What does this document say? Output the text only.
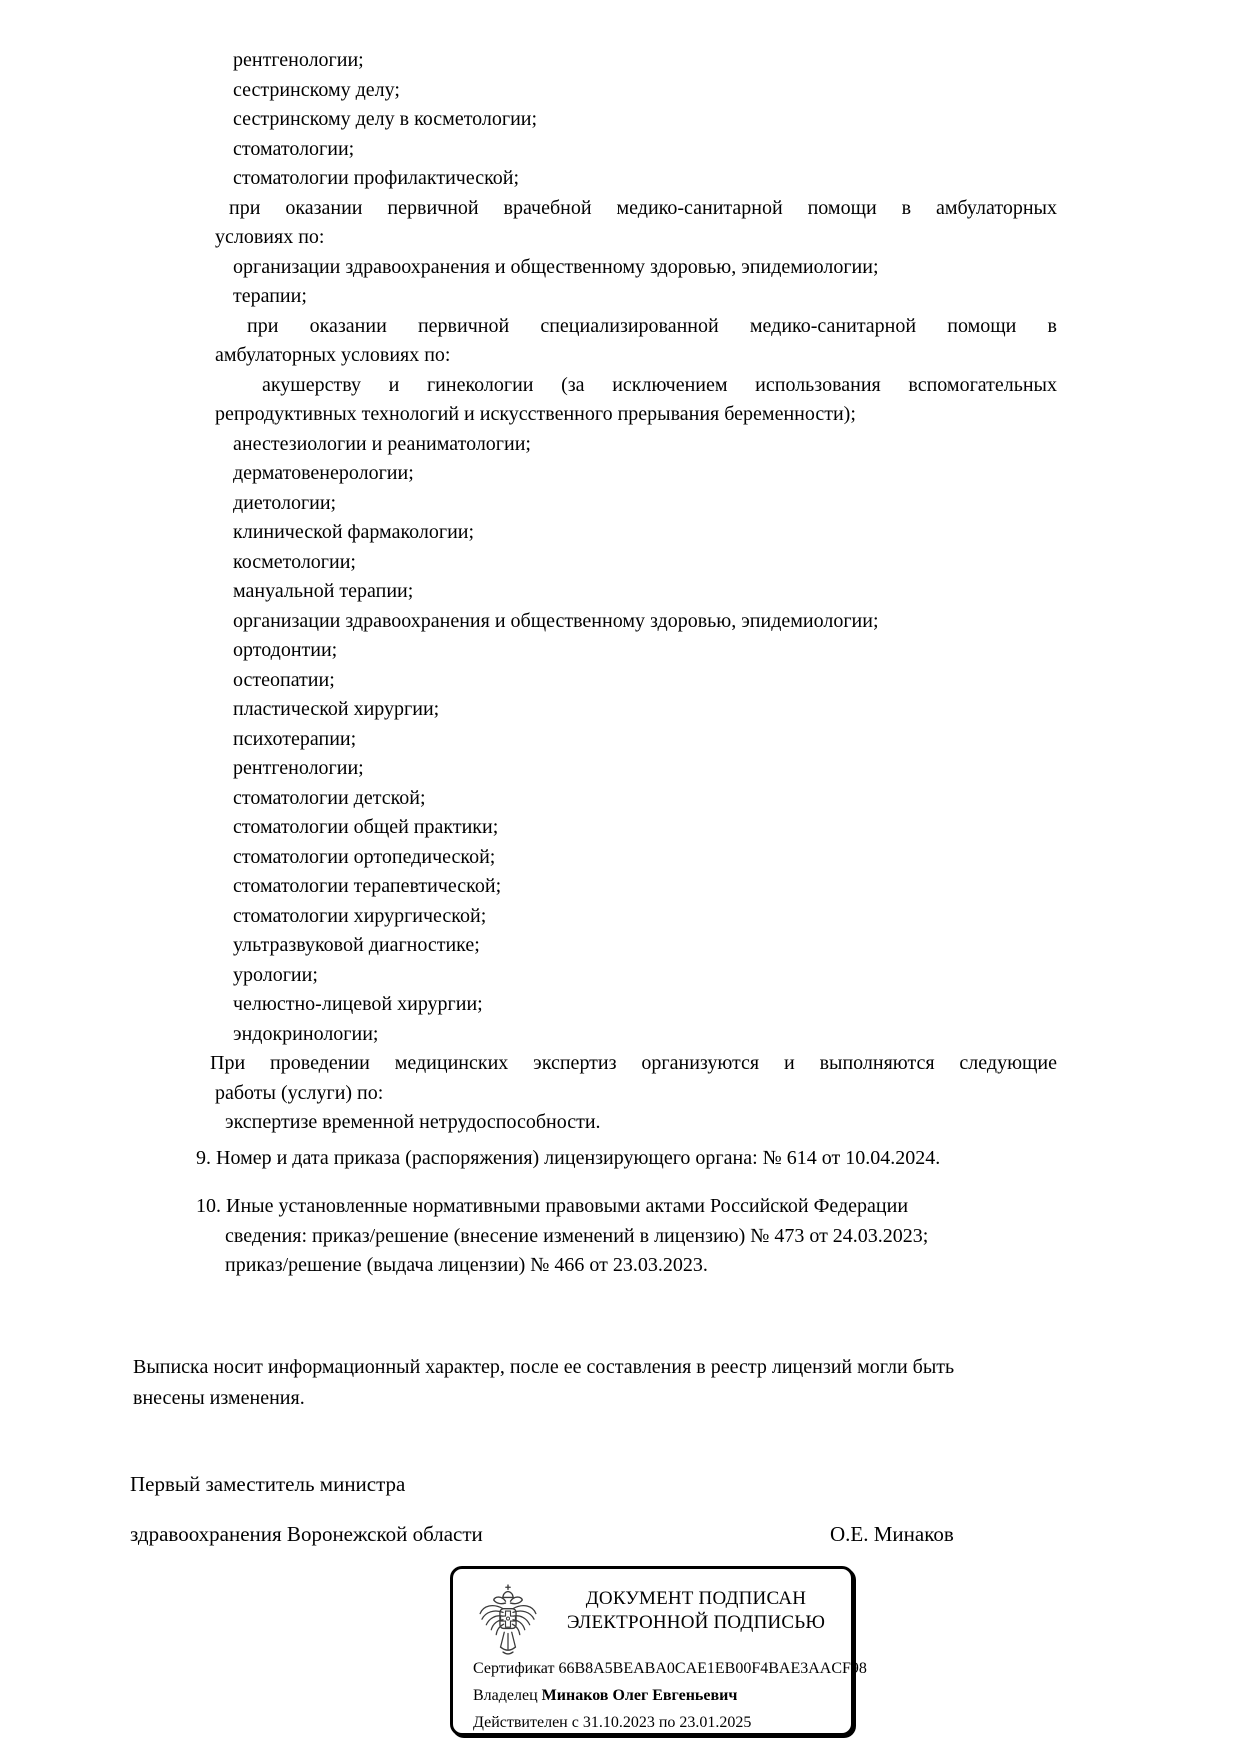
рентгенологии;
сестринскому делу;
сестринскому делу в косметологии;
стоматологии;
стоматологии профилактической;
при оказании первичной врачебной медико-санитарной помощи в амбулаторных
условиях по:
организации здравоохранения и общественному здоровью, эпидемиологии;
терапии;
при оказании первичной специализированной медико-санитарной помощи в
амбулаторных условиях по:
акушерству и гинекологии (за исключением использования вспомогательных
репродуктивных технологий и искусственного прерывания беременности);
анестезиологии и реаниматологии;
дерматовенерологии;
диетологии;
клинической фармакологии;
косметологии;
мануальной терапии;
организации здравоохранения и общественному здоровью, эпидемиологии;
ортодонтии;
остеопатии;
пластической хирургии;
психотерапии;
рентгенологии;
стоматологии детской;
стоматологии общей практики;
стоматологии ортопедической;
стоматологии терапевтической;
стоматологии хирургической;
ультразвуковой диагностике;
урологии;
челюстно-лицевой хирургии;
эндокринологии;
При проведении медицинских экспертиз организуются и выполняются следующие
работы (услуги) по:
экспертизе временной нетрудоспособности.
9. Номер и дата приказа (распоряжения) лицензирующего органа: № 614 от 10.04.2024.
10. Иные установленные нормативными правовыми актами Российской Федерации
сведения: приказ/решение (внесение изменений в лицензию) № 473 от 24.03.2023;
приказ/решение (выдача лицензии) № 466 от 23.03.2023.
Выписка носит информационный характер, после ее составления в реестр лицензий могли быть
внесены изменения.
Первый заместитель министра
здравоохранения Воронежской области	О.Е. Минаков
ДОКУМЕНТ ПОДПИСАН
ЭЛЕКТРОННОЙ ПОДПИСЬЮ
Сертификат 66B8A5BEABA0CAE1EB00F4BAE3AACF98
Владелец Минаков Олег Евгеньевич
Действителен с 31.10.2023 по 23.01.2025
